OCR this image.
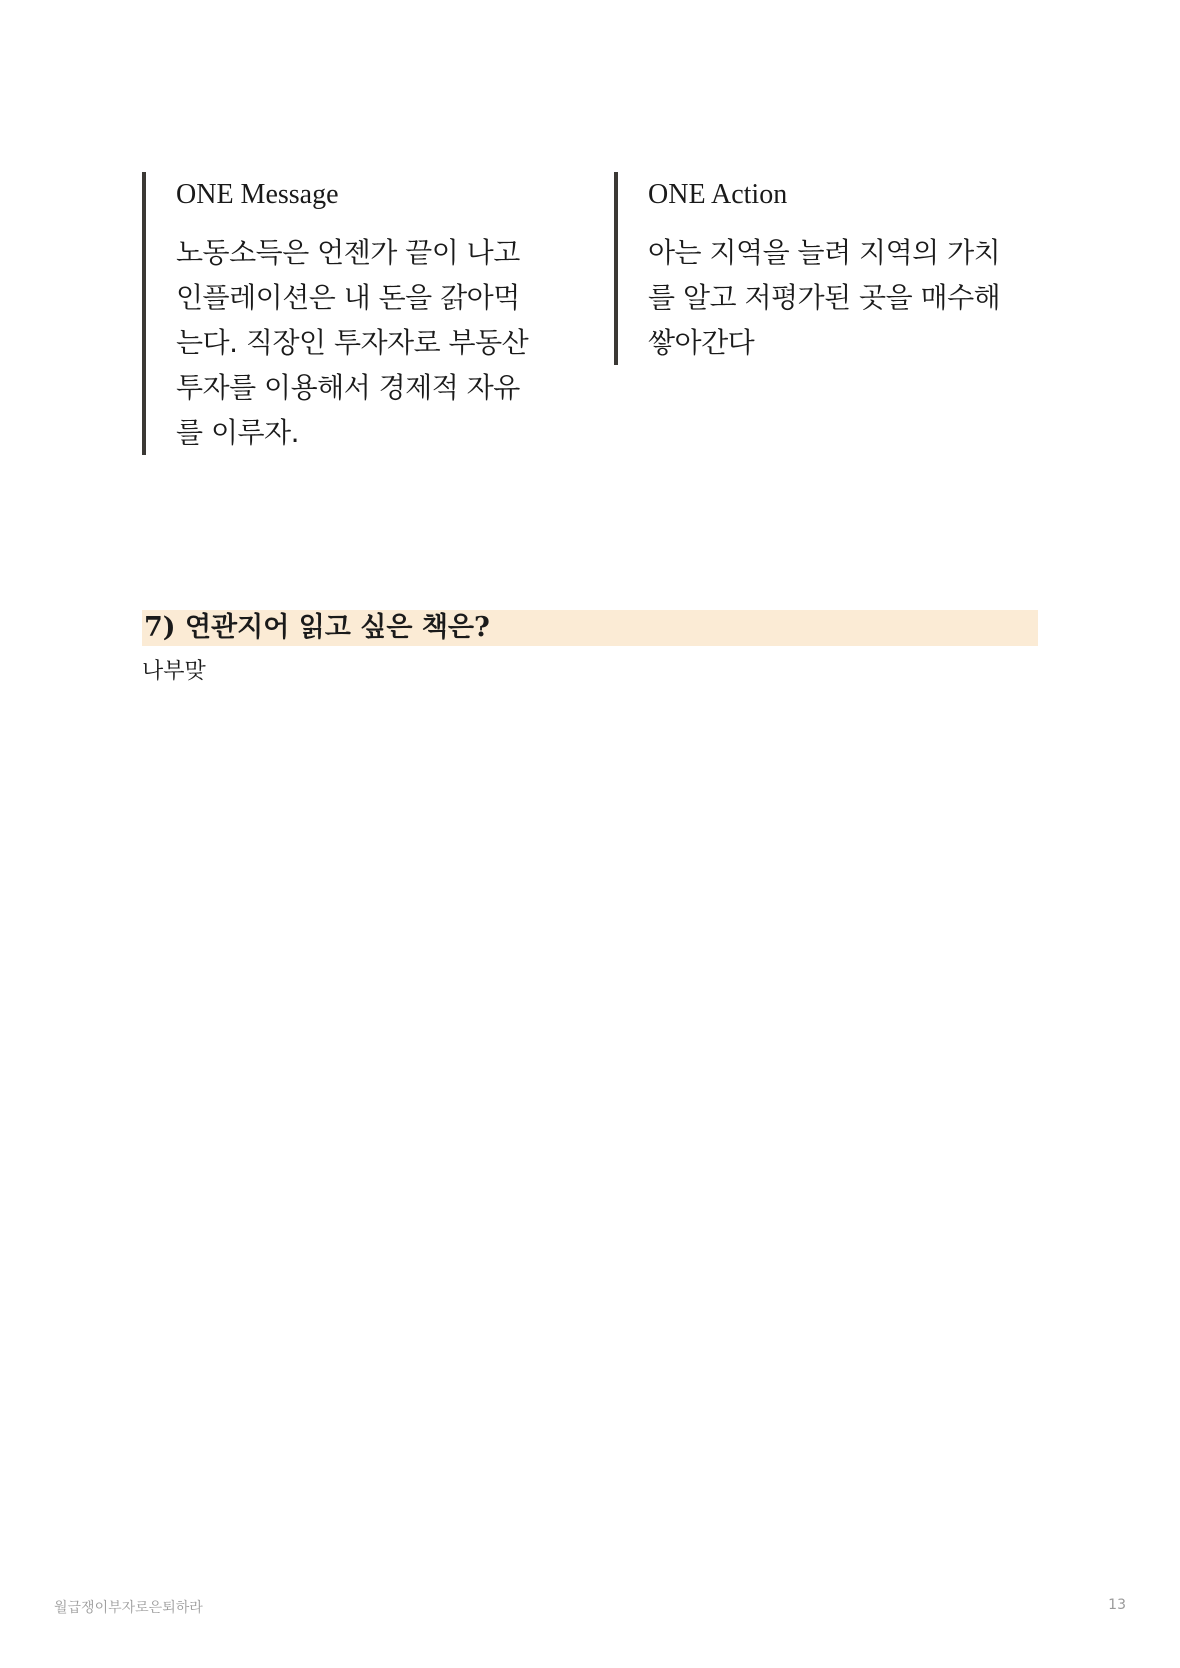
ONE Message

노동소득은 언젠가 끝이 나고
인플레이션은 내 돈을 갉아먹
는다. 직장인 투자자로 부동산
투자를 이용해서 경제적 자유
를 이루자.

ONE Action

아는 지역을 늘려 지역의 가치
를 알고 저평가된 곳을 매수해
쌓아간다

7) 연관지어 읽고 싶은 책은?
나부맞
월급쟁이부자로은퇴하라	13
